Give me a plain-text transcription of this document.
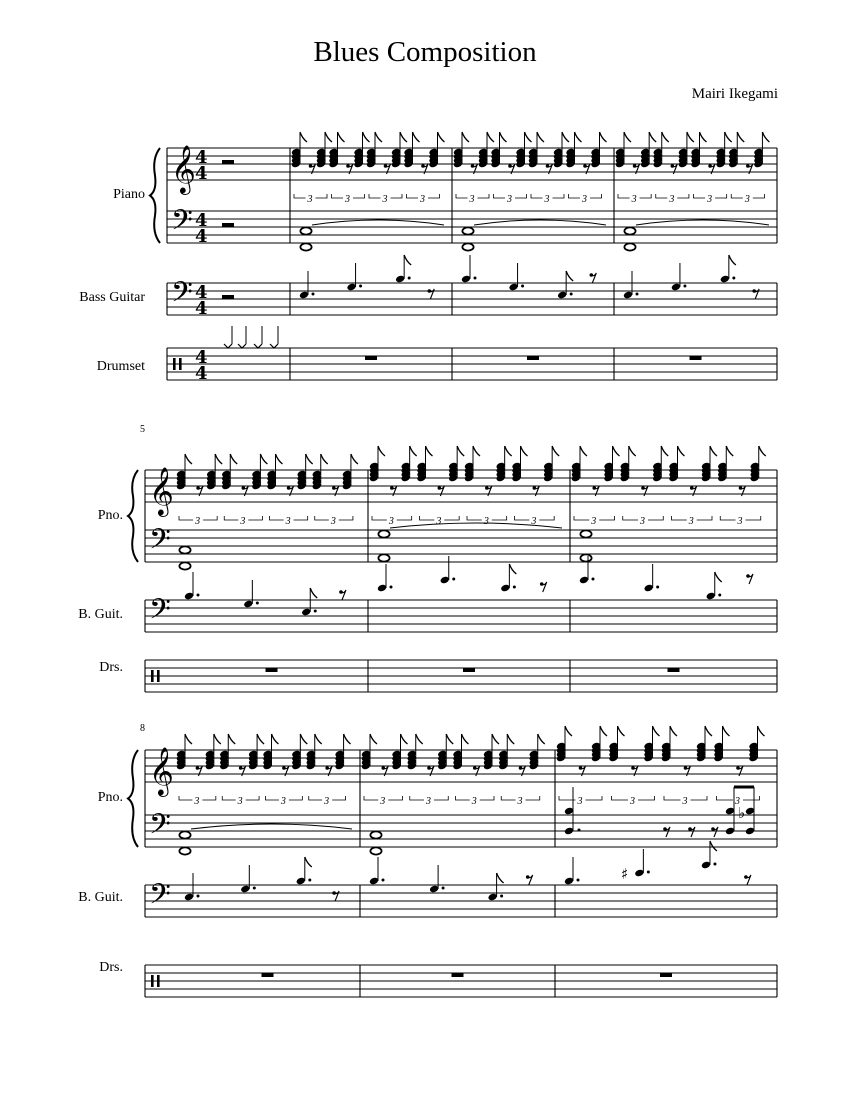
Blues Composition
Mairi Ikegami
Piano
Bass Guitar
Drumset
Pno.
B. Guit.
Drs.
Pno.
B. Guit.
Drs.
5
8
𝄞
𝄢
𝄢
4
4
4
4
4
4
4
4
𝄞
𝄢
𝄢
𝄞
𝄢
𝄢
3	3	3	3	3	3	3	3	3	3	3	3
3	3	3	3	3	3	3	3	3	3	3	3
3	3	3	3	3	3	3	3	3	3	3	3
♭
♯
